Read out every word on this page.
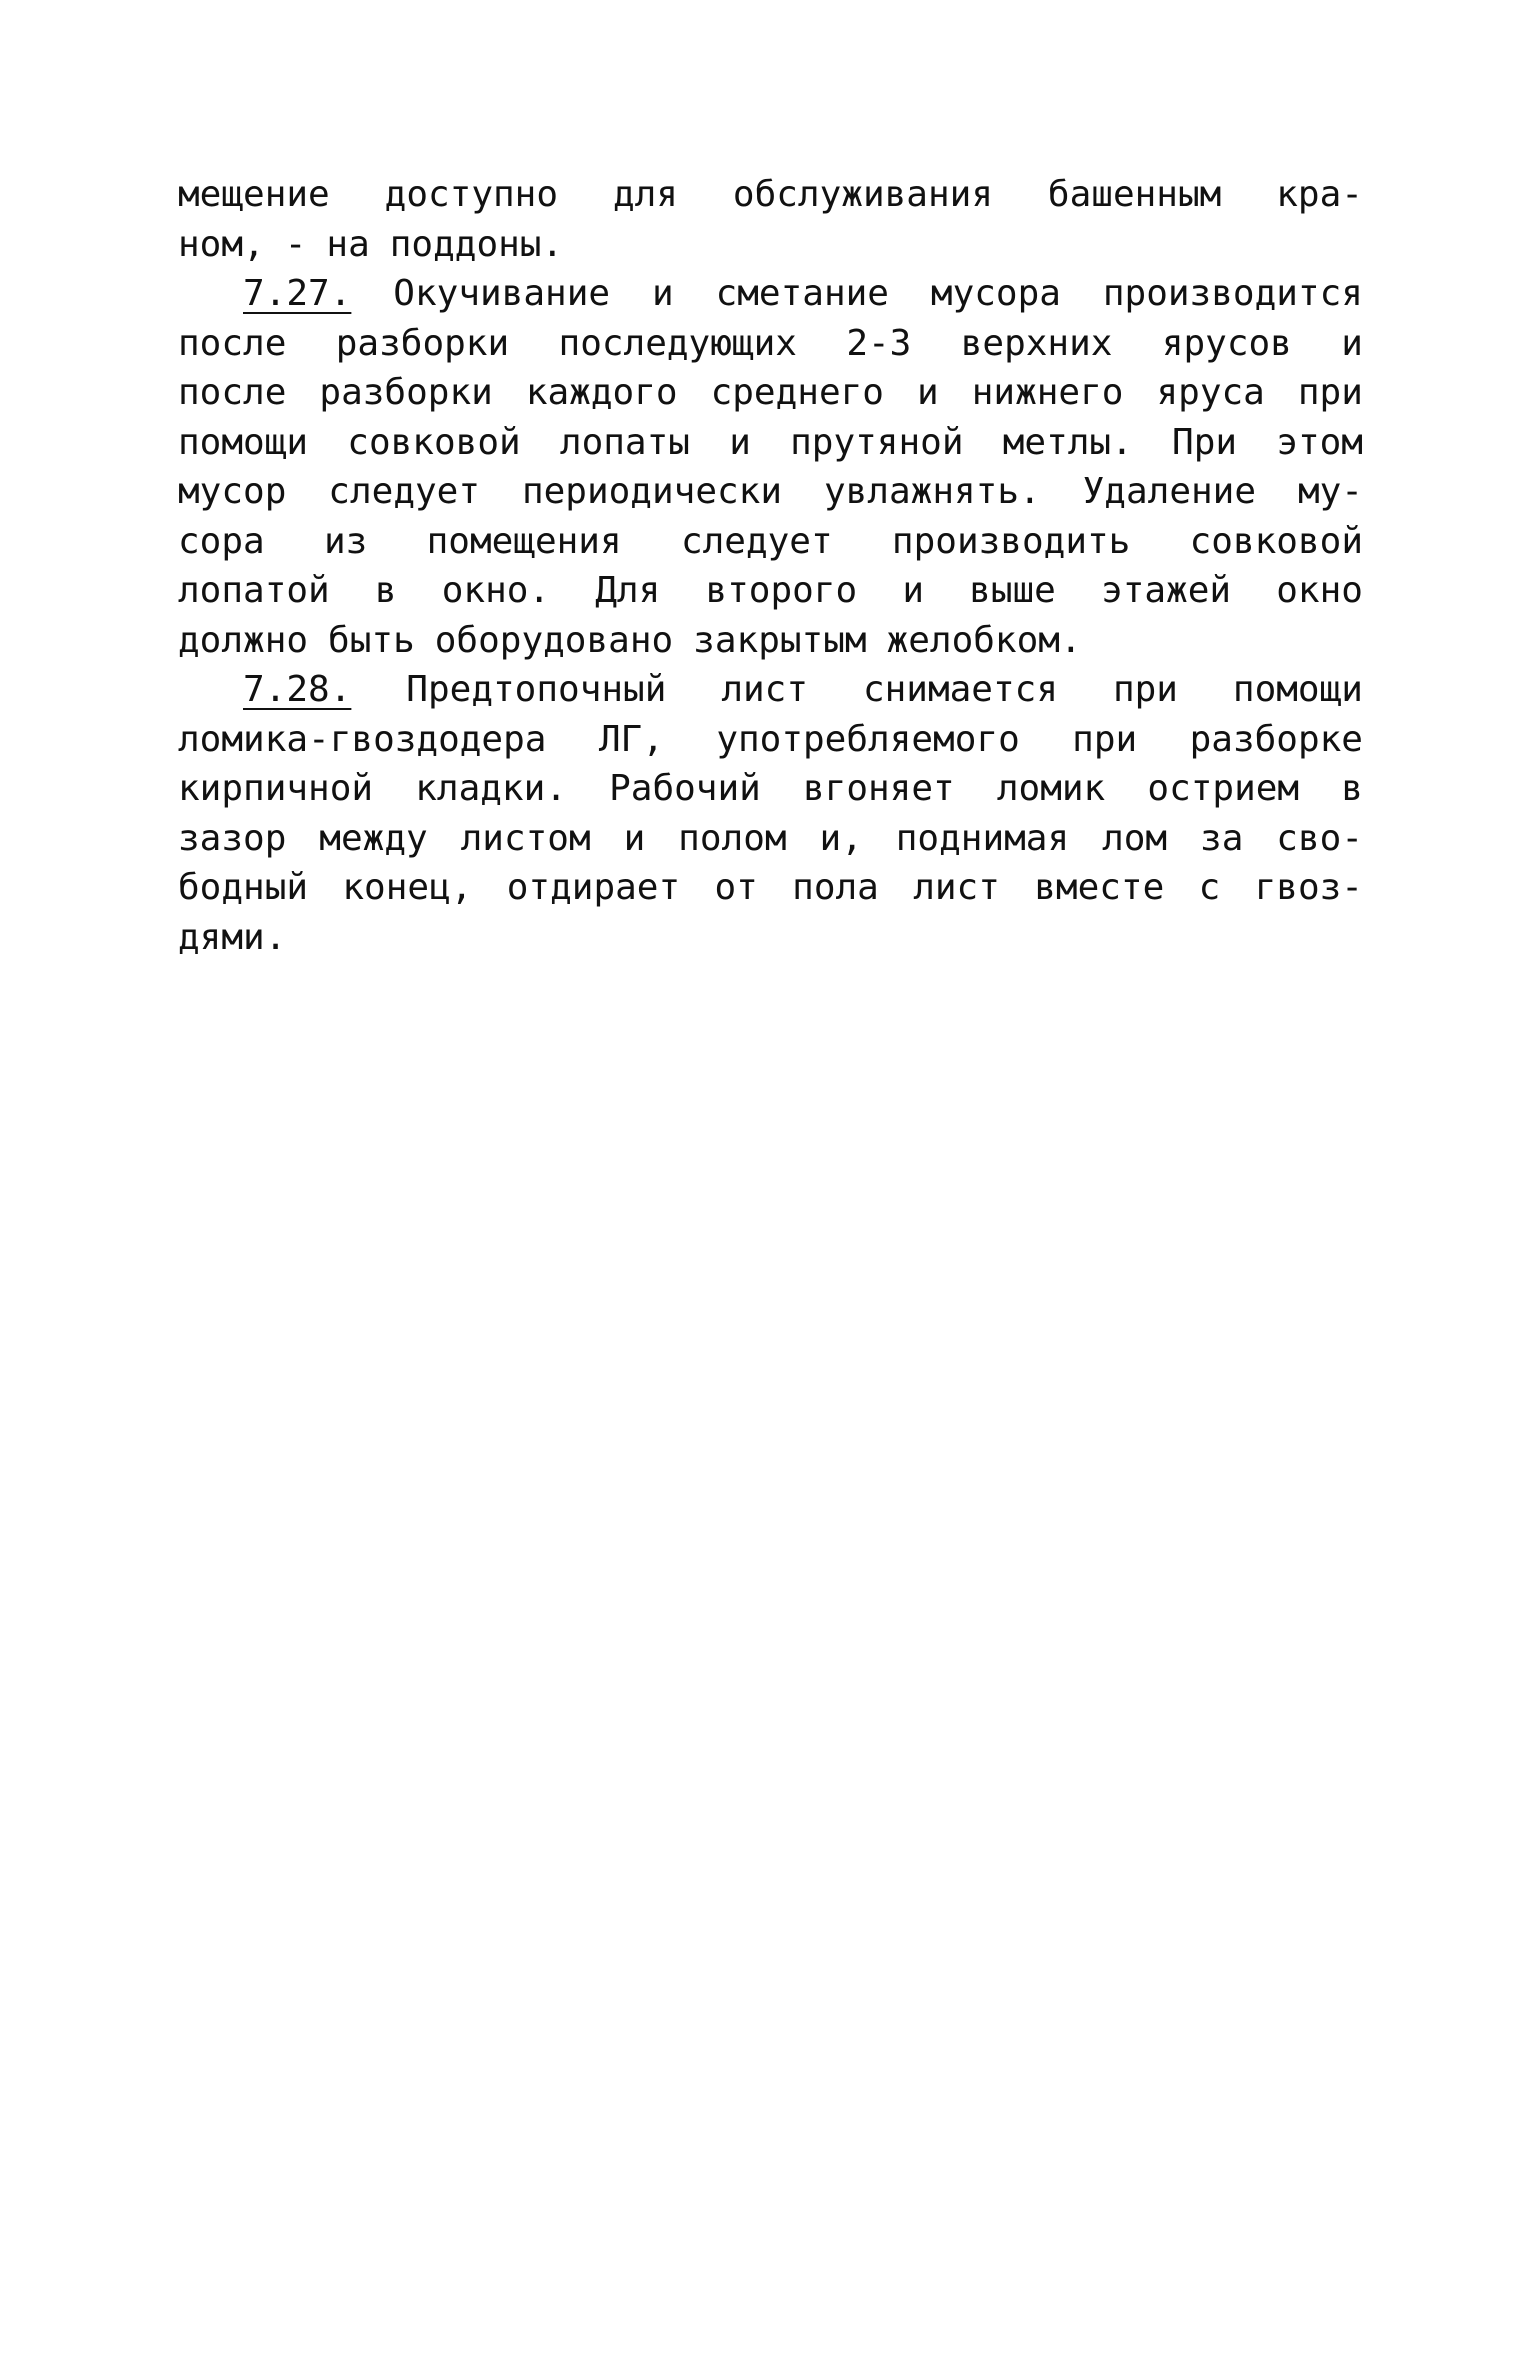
мещение доступно для обслуживания башенным кра-
ном, - на поддоны.
7.27. Окучивание и сметание мусора производится
после разборки последующих 2-3 верхних ярусов и
после разборки каждого среднего и нижнего яруса при
помощи совковой лопаты и прутяной метлы. При этом
мусор следует периодически увлажнять. Удаление му-
сора из помещения следует производить совковой
лопатой в окно. Для второго и выше этажей окно
должно быть оборудовано закрытым желобком.
7.28. Предтопочный лист снимается при помощи
ломика-гвоздодера ЛГ, употребляемого при разборке
кирпичной кладки. Рабочий вгоняет ломик острием в
зазор между листом и полом и, поднимая лом за сво-
бодный конец, отдирает от пола лист вместе с гвоз-
дями.
